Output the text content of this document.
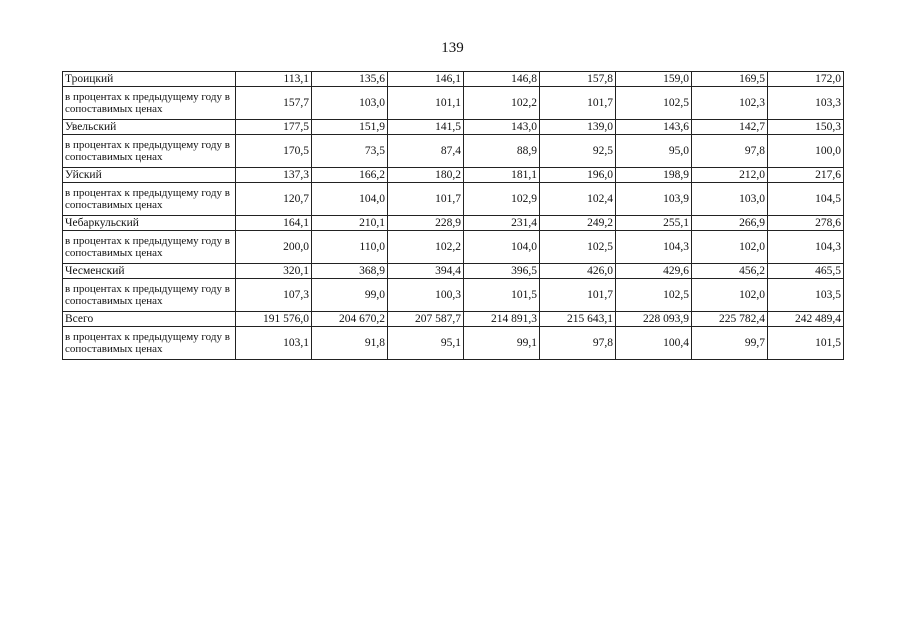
139
Троицкий	113,1	135,6	146,1	146,8	157,8	159,0	169,5	172,0
в процентах к предыдущему году в сопоставимых ценах	157,7	103,0	101,1	102,2	101,7	102,5	102,3	103,3
Увельский	177,5	151,9	141,5	143,0	139,0	143,6	142,7	150,3
в процентах к предыдущему году в сопоставимых ценах	170,5	73,5	87,4	88,9	92,5	95,0	97,8	100,0
Уйский	137,3	166,2	180,2	181,1	196,0	198,9	212,0	217,6
в процентах к предыдущему году в сопоставимых ценах	120,7	104,0	101,7	102,9	102,4	103,9	103,0	104,5
Чебаркульский	164,1	210,1	228,9	231,4	249,2	255,1	266,9	278,6
в процентах к предыдущему году в сопоставимых ценах	200,0	110,0	102,2	104,0	102,5	104,3	102,0	104,3
Чесменский	320,1	368,9	394,4	396,5	426,0	429,6	456,2	465,5
в процентах к предыдущему году в сопоставимых ценах	107,3	99,0	100,3	101,5	101,7	102,5	102,0	103,5
Всего	191 576,0	204 670,2	207 587,7	214 891,3	215 643,1	228 093,9	225 782,4	242 489,4
в процентах к предыдущему году в сопоставимых ценах	103,1	91,8	95,1	99,1	97,8	100,4	99,7	101,5
